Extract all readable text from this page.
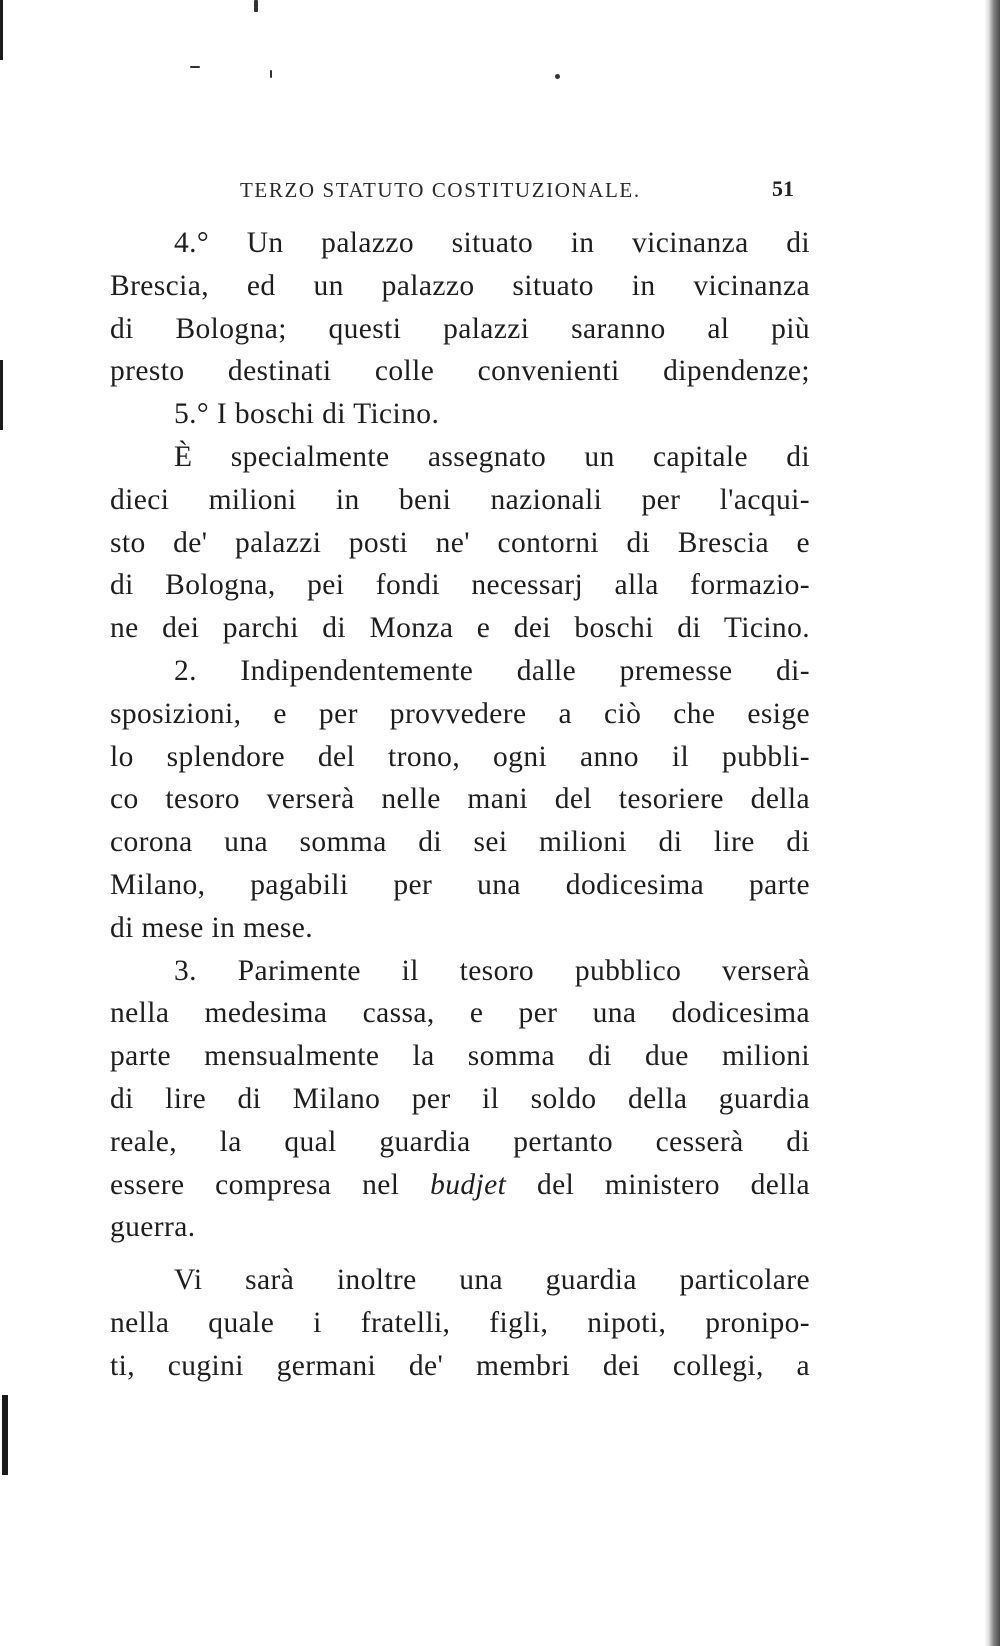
TERZO STATUTO COSTITUZIONALE.	51
4.° Un palazzo situato in vicinanza di
Brescia, ed un palazzo situato in vicinanza
di Bologna; questi palazzi saranno al più
presto destinati colle convenienti dipendenze;
5.° I boschi di Ticino.
È specialmente assegnato un capitale di
dieci milioni in beni nazionali per l'acqui-
sto de' palazzi posti ne' contorni di Brescia e
di Bologna, pei fondi necessarj alla formazio-
ne dei parchi di Monza e dei boschi di Ticino.
2. Indipendentemente dalle premesse di-
sposizioni, e per provvedere a ciò che esige
lo splendore del trono, ogni anno il pubbli-
co tesoro verserà nelle mani del tesoriere della
corona una somma di sei milioni di lire di
Milano, pagabili per una dodicesima parte
di mese in mese.
3. Parimente il tesoro pubblico verserà
nella medesima cassa, e per una dodicesima
parte mensualmente la somma di due milioni
di lire di Milano per il soldo della guardia
reale, la qual guardia pertanto cesserà di
essere compresa nel budjet del ministero della
guerra.
Vi sarà inoltre una guardia particolare
nella quale i fratelli, figli, nipoti, pronipo-
ti, cugini germani de' membri dei collegi, a
